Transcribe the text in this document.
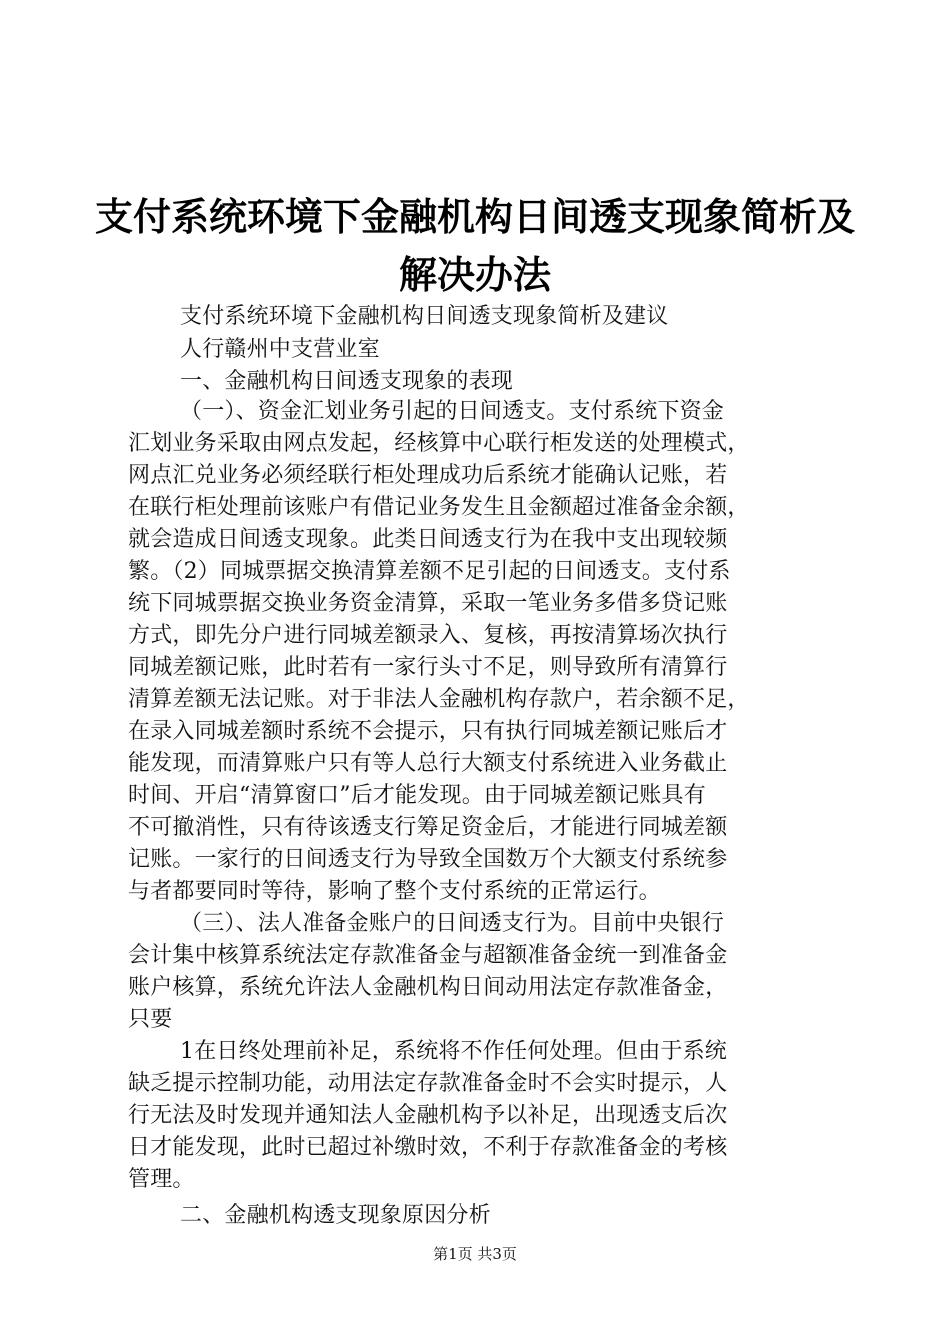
支付系统环境下金融机构日间透支现象简析及
解决办法
支付系统环境下金融机构日间透支现象简析及建议
人行赣州中支营业室
一、金融机构日间透支现象的表现
（一）、资金汇划业务引起的日间透支。支付系统下资金
汇划业务采取由网点发起，经核算中心联行柜发送的处理模式，
网点汇兑业务必须经联行柜处理成功后系统才能确认记账，若
在联行柜处理前该账户有借记业务发生且金额超过准备金余额，
就会造成日间透支现象。此类日间透支行为在我中支出现较频
繁。（2）同城票据交换清算差额不足引起的日间透支。支付系
统下同城票据交换业务资金清算，采取一笔业务多借多贷记账
方式，即先分户进行同城差额录入、复核，再按清算场次执行
同城差额记账，此时若有一家行头寸不足，则导致所有清算行
清算差额无法记账。对于非法人金融机构存款户，若余额不足，
在录入同城差额时系统不会提示，只有执行同城差额记账后才
能发现，而清算账户只有等人总行大额支付系统进入业务截止
时间、开启“清算窗口”后才能发现。由于同城差额记账具有
不可撤消性，只有待该透支行筹足资金后，才能进行同城差额
记账。一家行的日间透支行为导致全国数万个大额支付系统参
与者都要同时等待，影响了整个支付系统的正常运行。
（三）、法人准备金账户的日间透支行为。目前中央银行
会计集中核算系统法定存款准备金与超额准备金统一到准备金
账户核算，系统允许法人金融机构日间动用法定存款准备金，
只要
1在日终处理前补足，系统将不作任何处理。但由于系统
缺乏提示控制功能，动用法定存款准备金时不会实时提示，人
行无法及时发现并通知法人金融机构予以补足，出现透支后次
日才能发现，此时已超过补缴时效，不利于存款准备金的考核
管理。
二、金融机构透支现象原因分析
第1页 共3页
